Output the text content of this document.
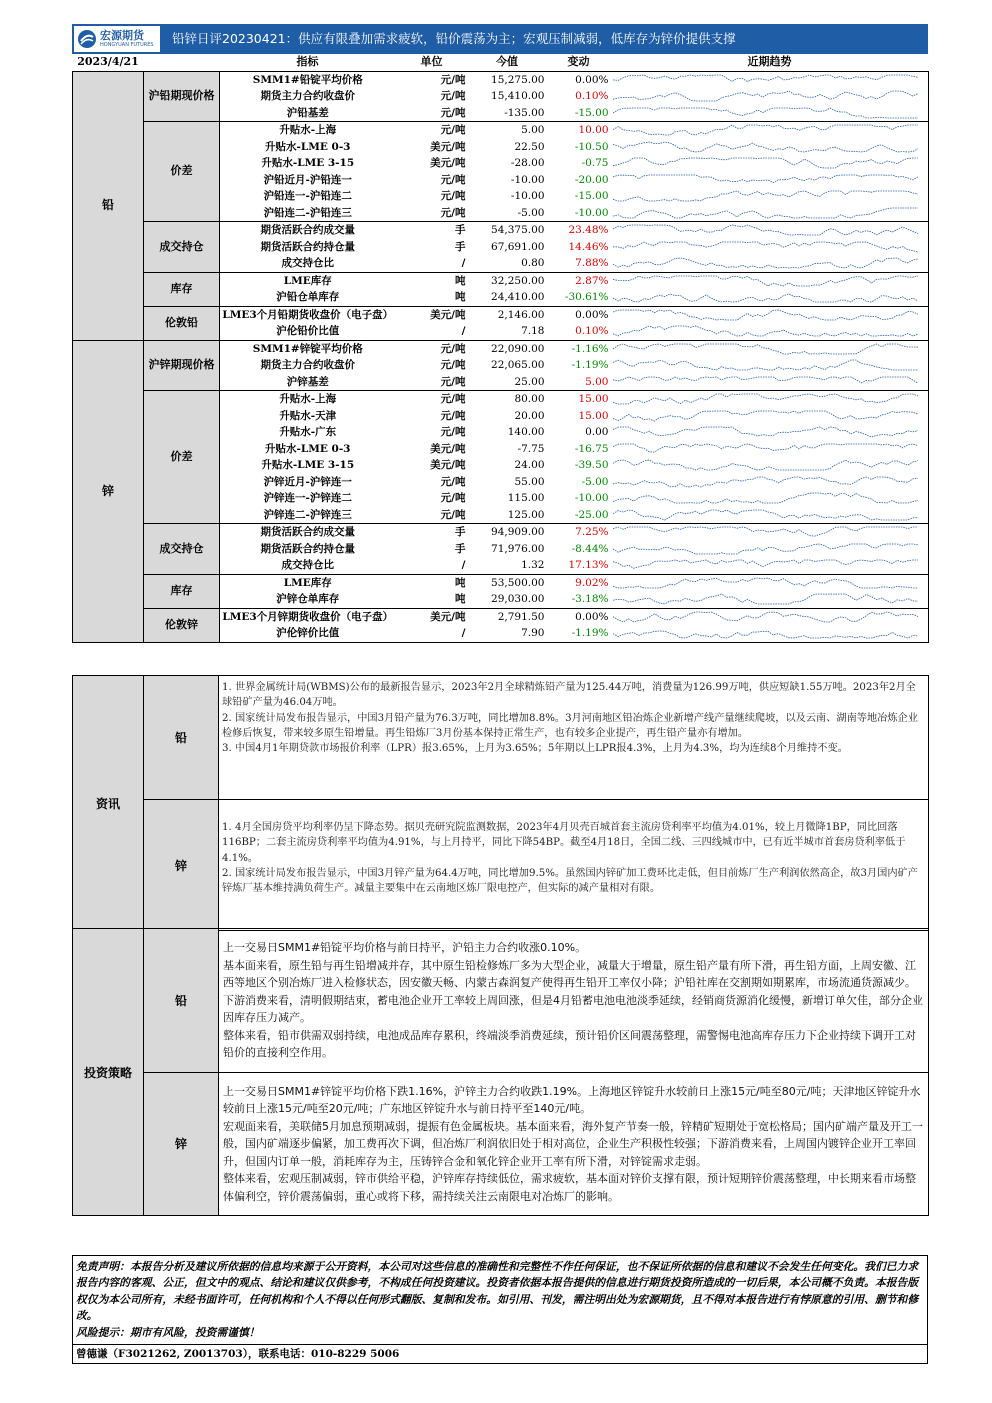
宏源期货
HONGYUAN FUTURES 铅锌日评20230421：供应有限叠加需求疲软，铅价震荡为主；宏观压制减弱，低库存为锌价提供支撑
2023/4/21		指标	单位	今值	变动	近期趋势
铅	沪铅期现价格	SMM1#铅锭平均价格	元/吨	15,275.00	0.00%	

		期货主力合约收盘价	元/吨	15,410.00	0.10%	

		沪铅基差	元/吨	-135.00	-15.00	

	价差	升贴水-上海	元/吨	5.00	10.00	

		升贴水-LME 0-3	美元/吨	22.50	-10.50	

		升贴水-LME 3-15	美元/吨	-28.00	-0.75	

		沪铅近月-沪铅连一	元/吨	-10.00	-20.00	

		沪铅连一-沪铅连二	元/吨	-10.00	-15.00	

		沪铅连二-沪铅连三	元/吨	-5.00	-10.00	

	成交持仓	期货活跃合约成交量	手	54,375.00	23.48%	

		期货活跃合约持仓量	手	67,691.00	14.46%	

		成交持仓比	/	0.80	7.88%	

	库存	LME库存	吨	32,250.00	2.87%	

		沪铅仓单库存	吨	24,410.00	-30.61%	

	伦敦铅	LME3个月铅期货收盘价（电子盘）	美元/吨	2,146.00	0.00%	

		沪伦铅价比值	/	7.18	0.10%	

锌	沪锌期现价格	SMM1#锌锭平均价格	元/吨	22,090.00	-1.16%	

		期货主力合约收盘价	元/吨	22,065.00	-1.19%	

		沪锌基差	元/吨	25.00	5.00	

	价差	升贴水-上海	元/吨	80.00	15.00	

		升贴水-天津	元/吨	20.00	15.00	

		升贴水-广东	元/吨	140.00	0.00	

		升贴水-LME 0-3	美元/吨	-7.75	-16.75	

		升贴水-LME 3-15	美元/吨	24.00	-39.50	

		沪锌近月-沪锌连一	元/吨	55.00	-5.00	

		沪锌连一-沪锌连二	元/吨	115.00	-10.00	

		沪锌连二-沪锌连三	元/吨	125.00	-25.00	

	成交持仓	期货活跃合约成交量	手	94,909.00	7.25%	

		期货活跃合约持仓量	手	71,976.00	-8.44%	

		成交持仓比	/	1.32	17.13%	

	库存	LME库存	吨	53,500.00	9.02%	

		沪锌仓单库存	吨	29,030.00	-3.18%	

	伦敦锌	LME3个月锌期货收盘价（电子盘）	美元/吨	2,791.50	0.00%	

		沪伦锌价比值	/	7.90	-1.19%	
资讯	铅	1. 世界金属统计局(WBMS)公布的最新报告显示，2023年2月全球精炼铅产量为125.44万吨，消费量为126.99万吨，供应短缺1.55万吨。2023年2月全球铅矿产量为46.04万吨。

2. 国家统计局发布报告显示，中国3月铅产量为76.3万吨，同比增加8.8%。3月河南地区铅冶炼企业新增产线产量继续爬坡，以及云南、湖南等地冶炼企业检修后恢复，带来较多原生铅增量。再生铅炼厂3月份基本保持正常生产，也有较多企业提产，再生铅产量亦有增加。

3. 中国4月1年期贷款市场报价利率（LPR）报3.65%，上月为3.65%；5年期以上LPR报4.3%，上月为4.3%，均为连续8个月维持不变。

	锌	1. 4月全国房贷平均利率仍呈下降态势。据贝壳研究院监测数据，2023年4月贝壳百城首套主流房贷利率平均值为4.01%，较上月微降1BP，同比回落116BP；二套主流房贷利率平均值为4.91%，与上月持平，同比下降54BP。截至4月18日，全国二线、三四线城市中，已有近半城市首套房贷利率低于4.1%。

2. 国家统计局发布报告显示，中国3月锌产量为64.4万吨，同比增加9.5%。虽然国内锌矿加工费环比走低，但目前炼厂生产利润依然高企，故3月国内矿产锌炼厂基本维持满负荷生产。减量主要集中在云南地区炼厂限电控产，但实际的减产量相对有限。

投资策略	铅	上一交易日SMM1#铅锭平均价格与前日持平，沪铅主力合约收涨0.10%。

基本面来看，原生铅与再生铅增减并存，其中原生铅检修炼厂多为大型企业，减量大于增量，原生铅产量有所下滑，再生铅方面，上周安徽、江西等地区个别冶炼厂进入检修状态，因安徽天畅、内蒙古森润复产使得再生铅开工率仅小降；沪铅社库在交割期如期累库，市场流通货源减少。下游消费来看，清明假期结束，蓄电池企业开工率较上周回涨，但是4月铅蓄电池电池淡季延续，经销商货源消化缓慢，新增订单欠佳，部分企业因库存压力减产。

整体来看，铅市供需双弱持续，电池成品库存累积，终端淡季消费延续，预计铅价区间震荡整理，需警惕电池高库存压力下企业持续下调开工对铅价的直接利空作用。

	锌	上一交易日SMM1#锌锭平均价格下跌1.16%，沪锌主力合约收跌1.19%。上海地区锌锭升水较前日上涨15元/吨至80元/吨；天津地区锌锭升水较前日上涨15元/吨至20元/吨；广东地区锌锭升水与前日持平至140元/吨。

宏观面来看，美联储5月加息预期减弱，提振有色金属板块。基本面来看，海外复产节奏一般，锌精矿短期处于宽松格局；国内矿端产量及开工一般，国内矿端逐步偏紧，加工费再次下调，但冶炼厂利润依旧处于相对高位，企业生产积极性较强；下游消费来看，上周国内镀锌企业开工率回升，但国内订单一般，消耗库存为主，压铸锌合金和氧化锌企业开工率有所下滑，对锌锭需求走弱。

整体来看，宏观压制减弱，锌市供给平稳，沪锌库存持续低位，需求疲软，基本面对锌价支撑有限，预计短期锌价震荡整理，中长期来看市场整体偏利空，锌价震荡偏弱，重心或将下移，需持续关注云南限电对冶炼厂的影响。

免责声明：本报告分析及建议所依据的信息均来源于公开资料，本公司对这些信息的准确性和完整性不作任何保证，也不保证所依据的信息和建议不会发生任何变化。我们已力求报告内容的客观、公正，但文中的观点、结论和建议仅供参考，不构成任何投资建议。投资者依据本报告提供的信息进行期货投资所造成的一切后果，本公司概不负责。本报告版权仅为本公司所有，未经书面许可，任何机构和个人不得以任何形式翻版、复制和发布。如引用、刊发，需注明出处为宏源期货，且不得对本报告进行有悖原意的引用、删节和修改。
风险提示：期市有风险，投资需谨慎！
曾德谦（F3021262, Z0013703），联系电话：010-8229 5006
